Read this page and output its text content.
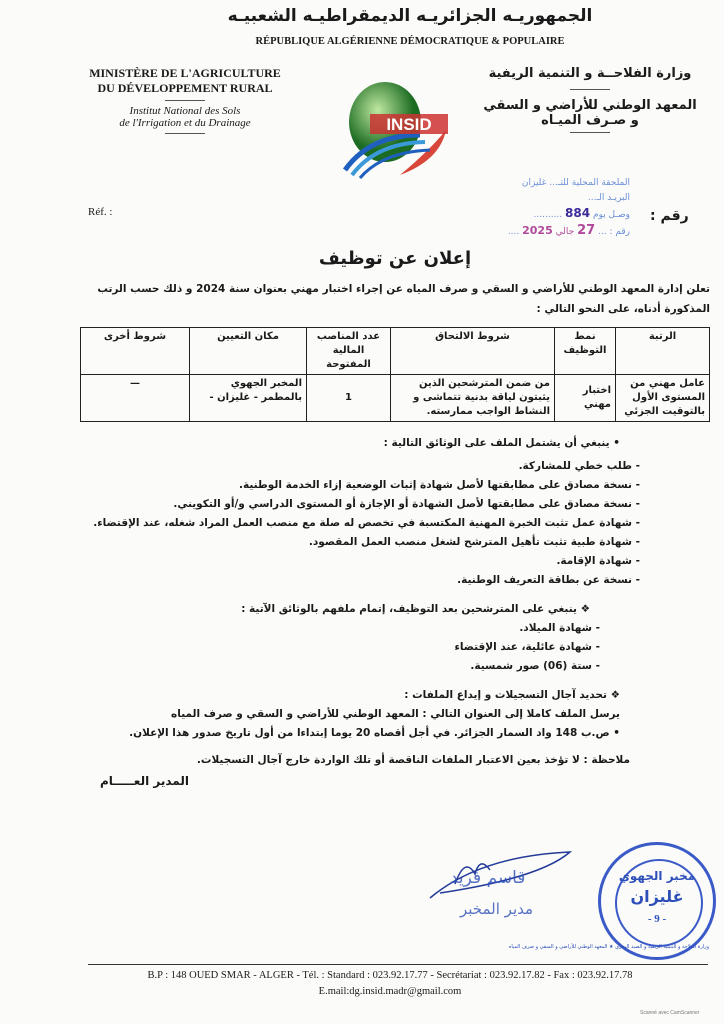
الجمهوريـه الجزائريـه الديمقراطيـه الشعبيـه
RÉPUBLIQUE ALGÉRIENNE DÉMOCRATIQUE & POPULAIRE
MINISTÈRE DE L'AGRICULTURE
DU DÉVELOPPEMENT RURAL
Institut National des Sols
de l'Irrigation et du Drainage	INSID
وزارة الفلاحــة و التنمية الريفية
المعهد الوطني للأراضي و السقي
و صـرف الميـاه
الملحقة المحلية للتـ... غليزان
البريـد الـ...
وصـل يوم 884 ..........
رقم : ... 27 جالي 2025 ....
Réf. :	رقم :
إعلان عن توظيف
تعلن إدارة المعهد الوطني للأراضي و السقي و صرف المياه عن إجراء اختبار مهني بعنوان سنة 2024 و ذلك حسب الرتب المذكورة أدناه، على النحو التالي :
الرتبة	نمط التوظيف	شروط الالتحاق	عدد المناصب المالية المفتوحة	مكان التعيين	شروط أخرى
عامل مهني من المستوى الأول بالتوقيت الجزئي	اختبار مهني	من ضمن المترشحين الذين يثبتون لياقة بدنية تتماشى و النشاط الواجب ممارسته.	1	المخبر الجهوي بالمطمر - غليزان -	—
• ينبغي أن يشتمل الملف على الوثائق التالية :
- طلب خطي للمشاركة.
- نسخة مصادق على مطابقتها لأصل شهادة إثبات الوضعية إزاء الخدمة الوطنية.
- نسخة مصادق على مطابقتها لأصل الشهادة أو الإجازة أو المستوى الدراسي و/أو التكويني.
- شهادة عمل تثبت الخبرة المهنية المكتسبة في تخصص له صلة مع منصب العمل المراد شغله، عند الإقتضاء.
- شهادة طبية تثبت تأهيل المترشح لشغل منصب العمل المقصود.
- شهادة الإقامة.
- نسخة عن بطاقة التعريف الوطنية.
❖ ينبغي على المترشحين بعد التوظيف، إتمام ملفهم بالوثائق الآتية :
- شهادة الميلاد.
- شهادة عائلية، عند الإقتضاء
- ستة (06) صور شمسية.
❖ تحديد آجال التسجيلات و إيداع الملفات :
يرسل الملف كاملا إلى العنوان التالي : المعهد الوطني للأراضي و السقي و صرف المياه
• ص.ب 148 واد السمار الجزائر. في أجل أقصاه 20 يوما إبتداءا من أول تاريخ صدور هذا الإعلان.
ملاحظة : لا تؤخذ بعين الاعتبار الملفات الناقصة أو تلك الواردة خارج آجال التسجيلات.
المدير العـــــام
قاسم فريد
مدير المخبر
مخبر الجهوي
غليزان
- 9 -
وزارة الفلاحة و التنمية الريفية و الصيد البحري ★ المعهد الوطني للأراضي و السقي و صرف المياه
B.P : 148 OUED SMAR - ALGER - Tél. : Standard : 023.92.17.77 - Secrétariat : 023.92.17.82 - Fax : 023.92.17.78
E.mail:dg.insid.madr@gmail.com
Scanné avec CamScanner
